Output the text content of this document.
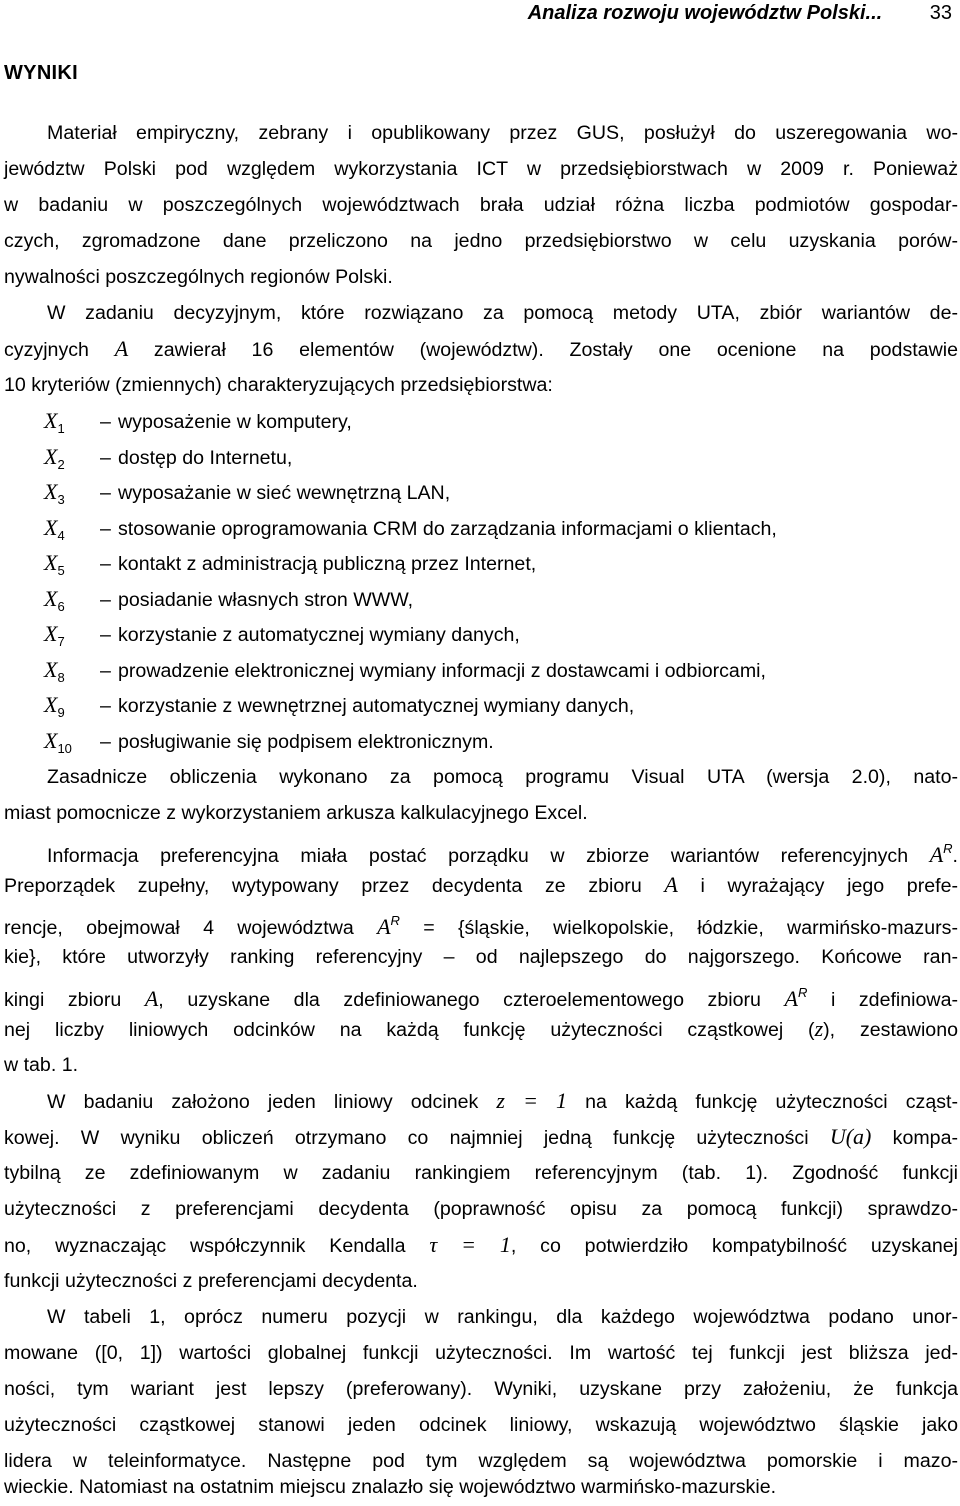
Analiza rozwoju województw Polski... 33
WYNIKI
Materiał empiryczny, zebrany i opublikowany przez GUS, posłużył do uszeregowania wo-
jewództw Polski pod względem wykorzystania ICT w przedsiębiorstwach w 2009 r. Ponieważ
w badaniu w poszczególnych województwach brała udział różna liczba podmiotów gospodar-
czych, zgromadzone dane przeliczono na jedno przedsiębiorstwo w celu uzyskania porów-
nywalności poszczególnych regionów Polski.
W zadaniu decyzyjnym, które rozwiązano za pomocą metody UTA, zbiór wariantów de-
cyzyjnych A zawierał 16 elementów (województw). Zostały one ocenione na podstawie
10 kryteriów (zmiennych) charakteryzujących przedsiębiorstwa:
$X_1$ – wyposażenie w komputery,
$X_2$ – dostęp do Internetu,
$X_3$ – wyposażanie w sieć wewnętrzną LAN,
$X_4$ – stosowanie oprogramowania CRM do zarządzania informacjami o klientach,
$X_5$ – kontakt z administracją publiczną przez Internet,
$X_6$ – posiadanie własnych stron WWW,
$X_7$ – korzystanie z automatycznej wymiany danych,
$X_8$ – prowadzenie elektronicznej wymiany informacji z dostawcami i odbiorcami,
$X_9$ – korzystanie z wewnętrznej automatycznej wymiany danych,
$X_{10}$ – posługiwanie się podpisem elektronicznym.
Zasadnicze obliczenia wykonano za pomocą programu Visual UTA (wersja 2.0), nato-
miast pomocnicze z wykorzystaniem arkusza kalkulacyjnego Excel.
Informacja preferencyjna miała postać porządku w zbiorze wariantów referencyjnych $A^R$.
Preporządek zupełny, wytypowany przez decydenta ze zbioru A i wyrażający jego prefe-
rencje, obejmował 4 województwa $A^R$ = {śląskie, wielkopolskie, łódzkie, warmińsko-mazurs-
kie}, które utworzyły ranking referencyjny – od najlepszego do najgorszego. Końcowe ran-
kingi zbioru A, uzyskane dla zdefiniowanego czteroelementowego zbioru $A^R$ i zdefiniowa-
nej liczby liniowych odcinków na każdą funkcję użyteczności cząstkowej (z), zestawiono
w tab. 1.
W badaniu założono jeden liniowy odcinek z = 1 na każdą funkcję użyteczności cząst-
kowej. W wyniku obliczeń otrzymano co najmniej jedną funkcję użyteczności U(a) kompa-
tybilną ze zdefiniowanym w zadaniu rankingiem referencyjnym (tab. 1). Zgodność funkcji
użyteczności z preferencjami decydenta (poprawność opisu za pomocą funkcji) sprawdzo-
no, wyznaczając współczynnik Kendalla τ = 1, co potwierdziło kompatybilność uzyskanej
funkcji użyteczności z preferencjami decydenta.
W tabeli 1, oprócz numeru pozycji w rankingu, dla każdego województwa podano unor-
mowane ([0, 1]) wartości globalnej funkcji użyteczności. Im wartość tej funkcji jest bliższa jed-
ności, tym wariant jest lepszy (preferowany). Wyniki, uzyskane przy założeniu, że funkcja
użyteczności cząstkowej stanowi jeden odcinek liniowy, wskazują województwo śląskie jako
lidera w teleinformatyce. Następne pod tym względem są województwa pomorskie i mazo-
wieckie. Natomiast na ostatnim miejscu znalazło się województwo warmińsko-mazurskie.
